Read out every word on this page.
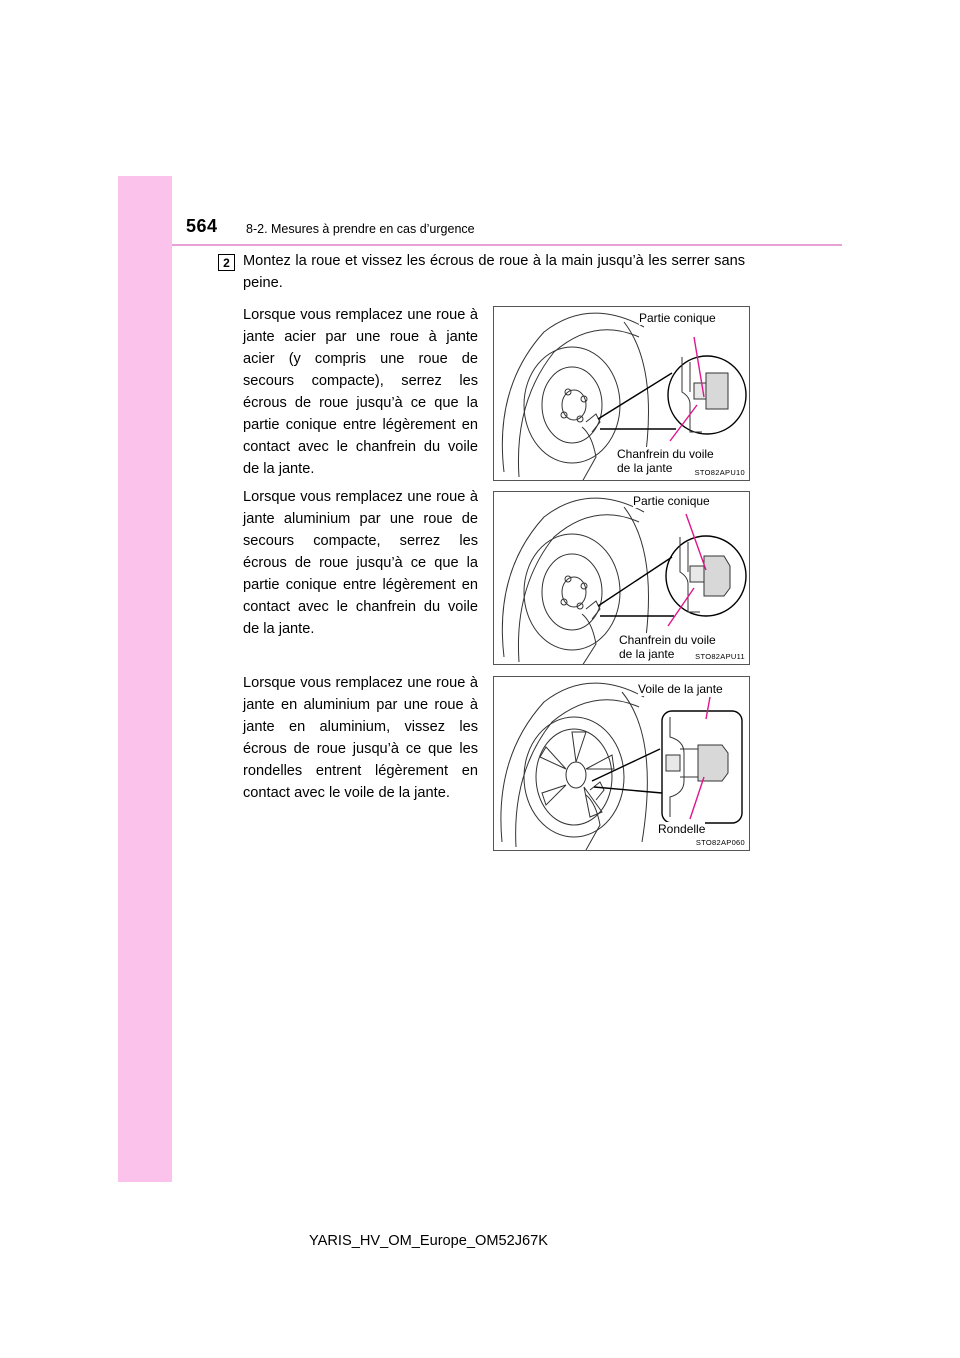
564 8-2. Mesures à prendre en cas d’urgence
2 Montez la roue et vissez les écrous de roue à la main jusqu’à les serrer sans peine.
Lorsque vous remplacez une roue à jante acier par une roue à jante acier (y compris une roue de secours compacte), serrez les écrous de roue jusqu’à ce que la partie conique entre légèrement en contact avec le chanfrein du voile de la jante.
Partie conique
Chanfrein du voile
de la jante	STO82APU10
Lorsque vous remplacez une roue à jante aluminium par une roue de secours compacte, serrez les écrous de roue jusqu’à ce que la partie conique entre légèrement en contact avec le chanfrein du voile de la jante.
Partie conique
Chanfrein du voile
de la jante	STO82APU11
Lorsque vous remplacez une roue à jante en aluminium par une roue à jante en aluminium, vissez les écrous de roue jusqu’à ce que les rondelles entrent légèrement en contact avec le voile de la jante.
Voile de la jante
Rondelle
STO82AP060
YARIS_HV_OM_Europe_OM52J67K
